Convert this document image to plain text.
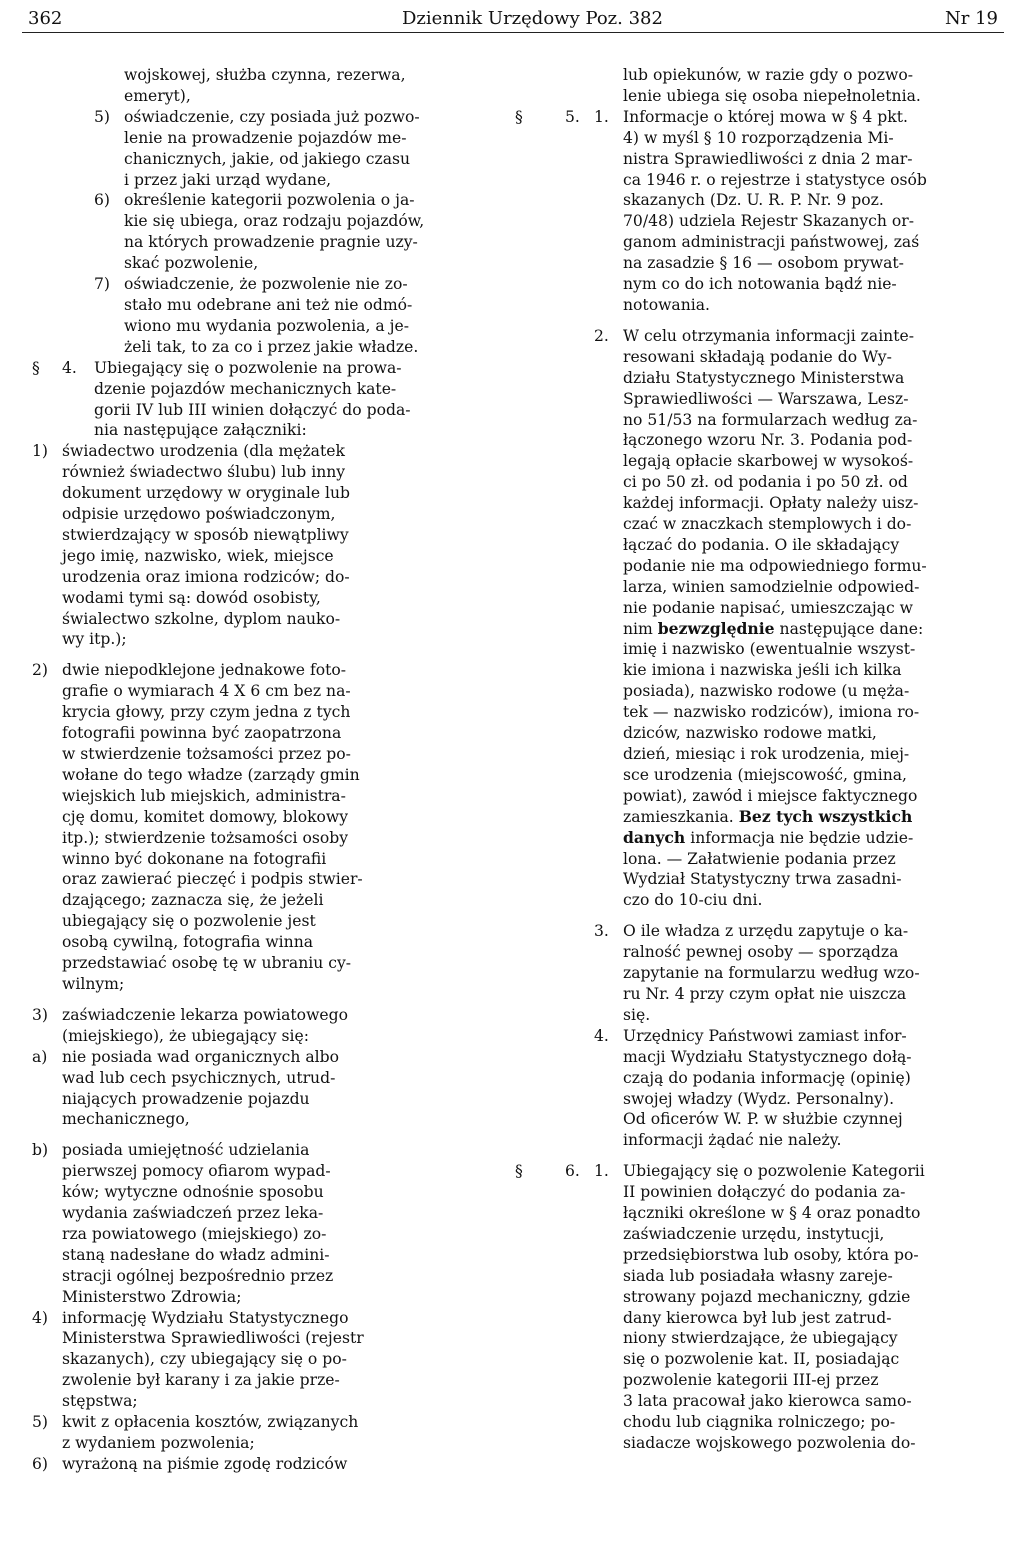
362	Dziennik Urzędowy Poz. 382	Nr 19
wojskowej, służba czynna, rezerwa,
emeryt),
5) oświadczenie, czy posiada już pozwo-
lenie na prowadzenie pojazdów me-
chanicznych, jakie, od jakiego czasu
i przez jaki urząd wydane,
6) określenie kategorii pozwolenia o ja-
kie się ubiega, oraz rodzaju pojazdów,
na których prowadzenie pragnie uzy-
skać pozwolenie,
7) oświadczenie, że pozwolenie nie zo-
stało mu odebrane ani też nie odmó-
wiono mu wydania pozwolenia, a je-
żeli tak, to za co i przez jakie władze.
§ 4. Ubiegający się o pozwolenie na prowa-
dzenie pojazdów mechanicznych kate-
gorii IV lub III winien dołączyć do poda-
nia następujące załączniki:
1) świadectwo urodzenia (dla mężatek
również świadectwo ślubu) lub inny
dokument urzędowy w oryginale lub
odpisie urzędowo poświadczonym,
stwierdzający w sposób niewątpliwy
jego imię, nazwisko, wiek, miejsce
urodzenia oraz imiona rodziców; do-
wodami tymi są: dowód osobisty,
świalectwo szkolne, dyplom nauko-
wy itp.);
2) dwie niepodklejone jednakowe foto-
grafie o wymiarach 4 X 6 cm bez na-
krycia głowy, przy czym jedna z tych
fotografii powinna być zaopatrzona
w stwierdzenie tożsamości przez po-
wołane do tego władze (zarządy gmin
wiejskich lub miejskich, administra-
cję domu, komitet domowy, blokowy
itp.); stwierdzenie tożsamości osoby
winno być dokonane na fotografii
oraz zawierać pieczęć i podpis stwier-
dzającego; zaznacza się, że jeżeli
ubiegający się o pozwolenie jest
osobą cywilną, fotografia winna
przedstawiać osobę tę w ubraniu cy-
wilnym;
3) zaświadczenie lekarza powiatowego
(miejskiego), że ubiegający się:
a) nie posiada wad organicznych albo
wad lub cech psychicznych, utrud-
niających prowadzenie pojazdu
mechanicznego,
b) posiada umiejętność udzielania
pierwszej pomocy ofiarom wypad-
ków; wytyczne odnośnie sposobu
wydania zaświadczeń przez leka-
rza powiatowego (miejskiego) zo-
staną nadesłane do władz admini-
stracji ogólnej bezpośrednio przez
Ministerstwo Zdrowia;
4) informację Wydziału Statystycznego
Ministerstwa Sprawiedliwości (rejestr
skazanych), czy ubiegający się o po-
zwolenie był karany i za jakie prze-
stępstwa;
5) kwit z opłacenia kosztów, związanych
z wydaniem pozwolenia;
6) wyrażoną na piśmie zgodę rodziców
lub opiekunów, w razie gdy o pozwo-
lenie ubiega się osoba niepełnoletnia.
§	5. 1. Informacje o której mowa w § 4 pkt.
4) w myśl § 10 rozporządzenia Mi-
nistra Sprawiedliwości z dnia 2 mar-
ca 1946 r. o rejestrze i statystyce osób
skazanych (Dz. U. R. P. Nr. 9 poz.
70/48) udziela Rejestr Skazanych or-
ganom administracji państwowej, zaś
na zasadzie § 16 — osobom prywat-
nym co do ich notowania bądź nie-
notowania.
2. W celu otrzymania informacji zainte-
resowani składają podanie do Wy-
działu Statystycznego Ministerstwa
Sprawiedliwości — Warszawa, Lesz-
no 51/53 na formularzach według za-
łączonego wzoru Nr. 3. Podania pod-
legają opłacie skarbowej w wysokoś-
ci po 50 zł. od podania i po 50 zł. od
każdej informacji. Opłaty należy uisz-
czać w znaczkach stemplowych i do-
łączać do podania. O ile składający
podanie nie ma odpowiedniego formu-
larza, winien samodzielnie odpowied-
nie podanie napisać, umieszczając w
nim bezwzględnie następujące dane:
imię i nazwisko (ewentualnie wszyst-
kie imiona i nazwiska jeśli ich kilka
posiada), nazwisko rodowe (u męża-
tek — nazwisko rodziców), imiona ro-
dziców, nazwisko rodowe matki,
dzień, miesiąc i rok urodzenia, miej-
sce urodzenia (miejscowość, gmina,
powiat), zawód i miejsce faktycznego
zamieszkania. Bez tych wszystkich
danych informacja nie będzie udzie-
lona. — Załatwienie podania przez
Wydział Statystyczny trwa zasadni-
czo do 10-ciu dni.
3. O ile władza z urzędu zapytuje o ka-
ralność pewnej osoby — sporządza
zapytanie na formularzu według wzo-
ru Nr. 4 przy czym opłat nie uiszcza
się.
4. Urzędnicy Państwowi zamiast infor-
macji Wydziału Statystycznego dołą-
czają do podania informację (opinię)
swojej władzy (Wydz. Personalny).
Od oficerów W. P. w służbie czynnej
informacji żądać nie należy.
§	6. 1. Ubiegający się o pozwolenie Kategorii
II powinien dołączyć do podania za-
łączniki określone w § 4 oraz ponadto
zaświadczenie urzędu, instytucji,
przedsiębiorstwa lub osoby, która po-
siada lub posiadała własny zareje-
strowany pojazd mechaniczny, gdzie
dany kierowca był lub jest zatrud-
niony stwierdzające, że ubiegający
się o pozwolenie kat. II, posiadając
pozwolenie kategorii III-ej przez
3 lata pracował jako kierowca samo-
chodu lub ciągnika rolniczego; po-
siadacze wojskowego pozwolenia do-
